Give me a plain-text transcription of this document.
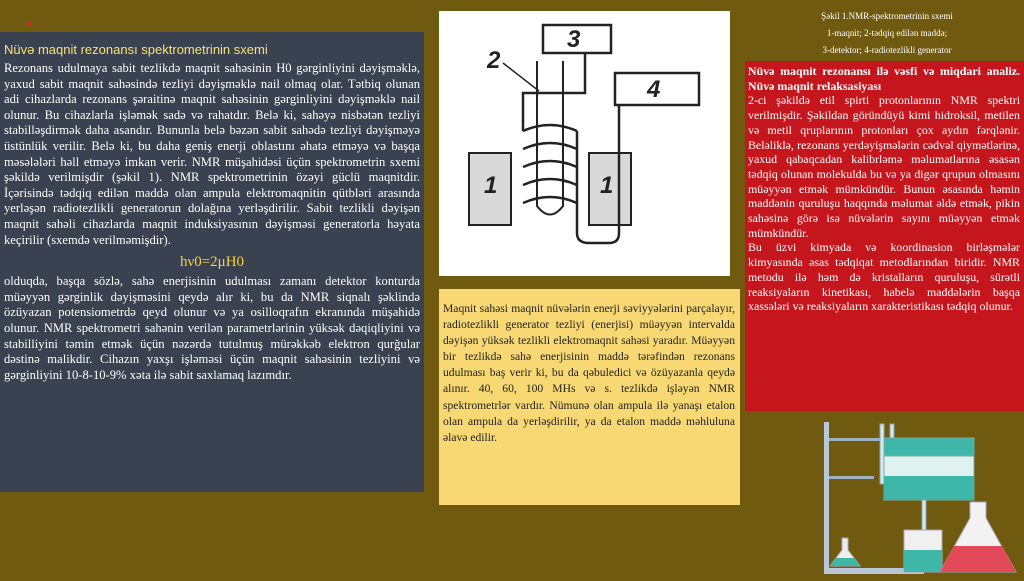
Nüvə maqnit rezonansı spektrometrinin sxemi

Rezonans udulmaya sabit tezlikdə maqnit sahəsinin H0 gərginliyini dəyişməklə, yaxud sabit maqnit sahəsində tezliyi dəyişməklə nail olmaq olar. Tətbiq olunan adi cihazlarda rezonans şəraitinə maqnit sahəsinin gərginliyini dəyişməklə nail olunur. Bu cihazlarla işləmək sadə və rahatdır. Belə ki, sahəyə nisbətən tezliyi stabilləşdirmək daha asandır. Bununla belə bəzən sabit sahədə tezliyi dəyişməyə üstünlük verilir. Belə ki, bu daha geniş enerji oblastını əhatə etməyə və başqa məsələləri həll etməyə imkan verir. NMR müşahidəsi üçün spektrometrin sxemi şəkildə verilmişdir (şəkil 1). NMR spektrometrinin özəyi güclü maqnitdir. İçərisində tədqiq edilən maddə olan ampula elektromaqnitin qütbləri arasında yerləşən radiotezlikli generatorun dolağına yerləşdirilir. Sabit tezlikli dəyişən maqnit sahəli cihazlarda maqnit induksiyasının dəyişməsi generatorla həyata keçirilir (sxemdə verilməmişdir).

hν0=2μH0

olduqda, başqa sözlə, sahə enerjisinin udulması zamanı detektor konturda müəyyən gərginlik dəyişməsini qeydə alır ki, bu da NMR siqnalı şəklində özüyazan potensiometrdə qeyd olunur və ya osilloqrafın ekranında müşahidə olunur. NMR spektrometri sahənin verilən parametrlərinin yüksək dəqiqliyini və stabilliyini təmin etmək üçün nəzərdə tutulmuş mürəkkəb elektron qurğular dəstinə malikdir. Cihazın yaxşı işləməsi üçün maqnit sahəsinin tezliyini və gərginliyini 10-8-10-9% xəta ilə sabit saxlamaq lazımdır.

1
2
3
4
1
Maqnit sahəsi maqnit nüvələrin enerji səviyyələrini parçalayır, radiotezlikli generator tezliyi (enerjisi) müəyyən intervalda dəyişən yüksək tezlikli elektromaqnit sahəsi yaradır. Müəyyən bir tezlikdə sahə enerjisinin maddə tərəfindən rezonans udulması baş verir ki, bu da qəbuledici və özüyazanla qeydə alınır. 40, 60, 100 MHs və s. tezlikdə işləyən NMR spektrometrlər vardır. Nümunə olan ampula ilə yanaşı etalon olan ampula da yerləşdirilir, ya da etalon maddə məhluluna əlavə edilir.
Şəkil 1.NMR-spektrometrinin sxemi
1-maqnit; 2-tədqiq edilən maddə;
3-detektor; 4-radiotezlikli generator
Nüvə maqnit rezonansı ilə vəsfi və miqdari analiz. Nüvə maqnit relaksasiyası

2-ci şəkildə etil spirti protonlarının NMR spektri verilmişdir. Şəkildən göründüyü kimi hidroksil, metilen və metil qruplarının protonları çox aydın fərqlənir. Beləliklə, rezonans yerdəyişmələrin cədvəl qiymətlərinə, yaxud qabaqcadan kalibrləmə məlumatlarına əsasən tədqiq olunan molekulda bu və ya digər qrupun olmasını müəyyən etmək mümkündür. Bunun əsasında həmin maddənin quruluşu haqqında məlumat əldə etmək, pikin sahəsinə görə isə nüvələrin sayını müəyyən etmək mümkündür.

Bu üzvi kimyada və koordinasion birləşmələr kimyasında əsas tədqiqat metodlarından biridir. NMR metodu ilə həm də kristalların quruluşu, sürətli reaksiyaların kinetikası, habelə maddələrin başqa xassələri və reaksiyaların xarakteristikası tədqiq olunur.
